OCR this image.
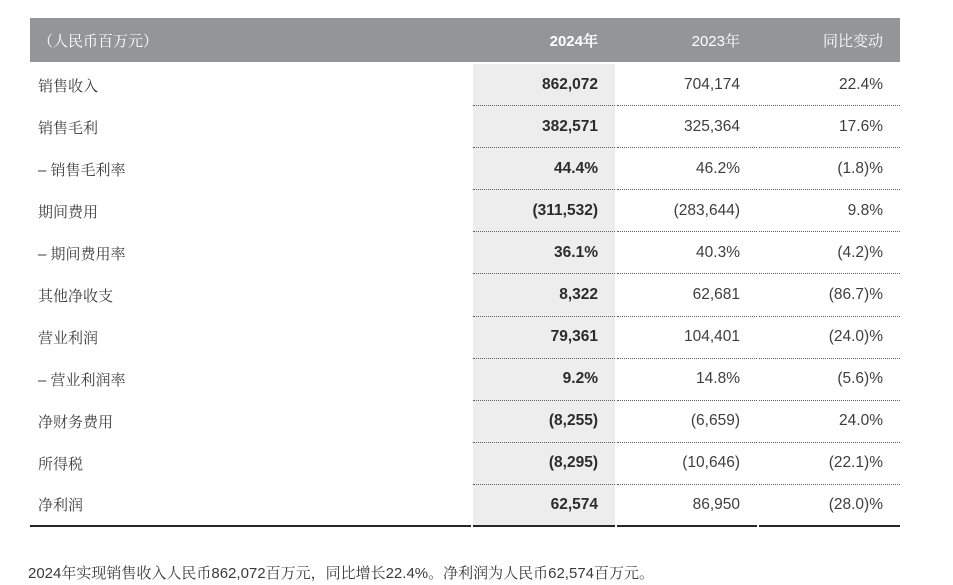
（人民币百万元）	2024年	2023年	同比变动
销售收入	862,072	704,174	22.4%
销售毛利	382,571	325,364	17.6%
– 销售毛利率	44.4%	46.2%	(1.8)%
期间费用	(311,532)	(283,644)	9.8%
– 期间费用率	36.1%	40.3%	(4.2)%
其他净收支	8,322	62,681	(86.7)%
营业利润	79,361	104,401	(24.0)%
– 营业利润率	9.2%	14.8%	(5.6)%
净财务费用	(8,255)	(6,659)	24.0%
所得税	(8,295)	(10,646)	(22.1)%
净利润	62,574	86,950	(28.0)%

2024年实现销售收入人民币862,072百万元，同比增长22.4%。净利润为人民币62,574百万元。
